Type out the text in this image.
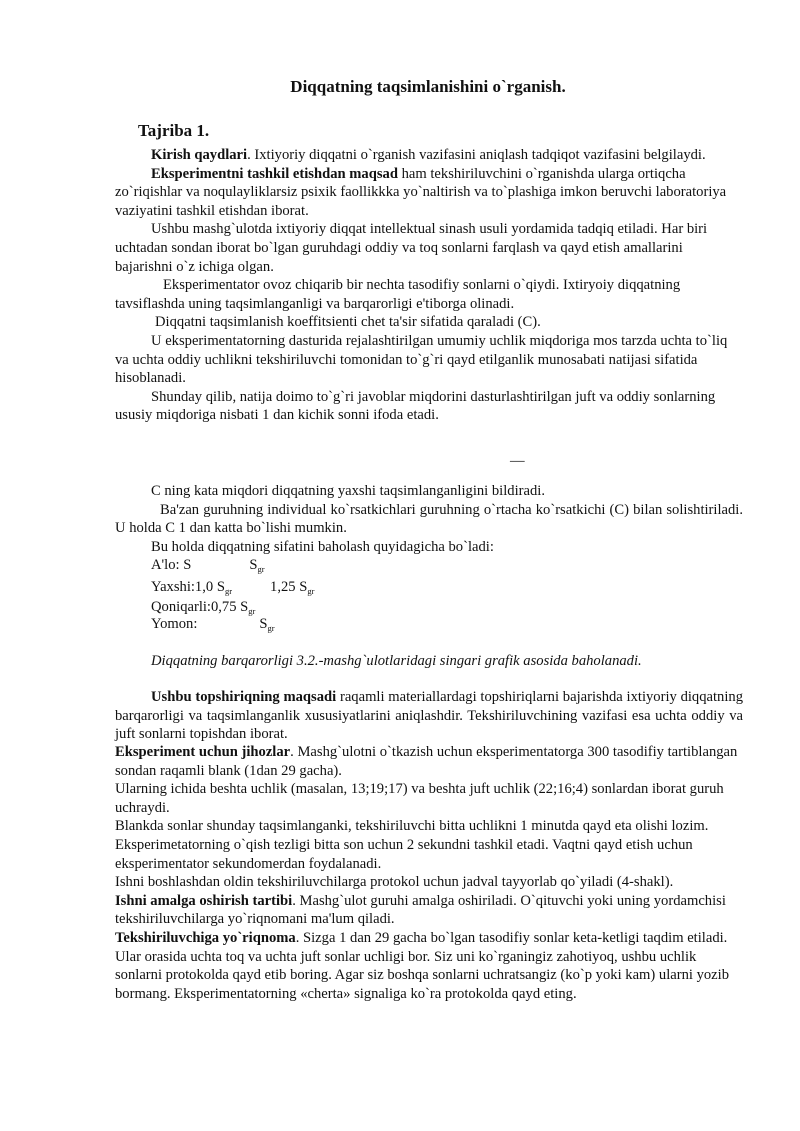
Diqqatning taqsimlanishini o`rganish.
Tajriba 1.

Kirish qaydlari. Ixtiyoriy diqqatni o`rganish vazifasini aniqlash tadqiqot vazifasini belgilaydi.

Eksperimentni tashkil etishdan maqsad ham tekshiriluvchini o`rganishda ularga ortiqcha zo`riqishlar va noqulayliklarsiz psixik faollikkka yo`naltirish va to`plashiga imkon beruvchi laboratoriya vaziyatini tashkil etishdan iborat.

Ushbu mashg`ulotda ixtiyoriy diqqat intellektual sinash usuli yordamida tadqiq etiladi. Har biri uchtadan sondan iborat bo`lgan guruhdagi oddiy va toq sonlarni farqlash va qayd etish amallarini bajarishni o`z ichiga olgan.

Eksperimentator ovoz chiqarib bir nechta tasodifiy sonlarni o`qiydi. Ixtiryoiy diqqatning tavsiflashda uning taqsimlanganligi va barqarorligi e'tiborga olinadi.

Diqqatni taqsimlanish koeffitsienti chet ta'sir sifatida qaraladi (C).

U eksperimentatorning dasturida rejalashtirilgan umumiy uchlik miqdoriga mos tarzda uchta to`liq va uchta oddiy uchlikni tekshiriluvchi tomonidan to`g`ri qayd etilganlik munosabati natijasi sifatida hisoblanadi.

Shunday qilib, natija doimo to`g`ri javoblar miqdorini dasturlashtirilgan juft va oddiy sonlarning ususiy miqdoriga nisbati 1 dan kichik sonni ifoda etadi.

—

C ning kata miqdori diqqatning yaxshi taqsimlanganligini bildiradi.

Ba'zan guruhning individual ko`rsatkichlari guruhning o`rtacha ko`rsatkichi (C) bilan solishtiriladi. U holda C 1 dan katta bo`lishi mumkin.

Bu holda diqqatning sifatini baholash quyidagicha bo`ladi:

A'lo: S	$S_{gr}$
Yaxshi:1,0 $S_{gr}$	1,25 $S_{gr}$
Qoniqarli:0,75 $S_{gr}$
Yomon:	$S_{gr}$
Diqqatning barqarorligi 3.2.-mashg`ulotlaridagi singari grafik asosida baholanadi.

Ushbu topshiriqning maqsadi raqamli materiallardagi topshiriqlarni bajarishda ixtiyoriy diqqatning barqarorligi va taqsimlanganlik xususiyatlarini aniqlashdir. Tekshiriluvchining vazifasi esa uchta oddiy va juft sonlarni topishdan iborat.

Eksperiment uchun jihozlar. Mashg`ulotni o`tkazish uchun eksperimentatorga 300 tasodifiy tartiblangan sondan raqamli blank (1dan 29 gacha).

Ularning ichida beshta uchlik (masalan, 13;19;17) va beshta juft uchlik (22;16;4) sonlardan iborat guruh uchraydi.

Blankda sonlar shunday taqsimlanganki, tekshiriluvchi bitta uchlikni 1 minutda qayd eta olishi lozim. Eksperimetatorning o`qish tezligi bitta son uchun 2 sekundni tashkil etadi. Vaqtni qayd etish uchun eksperimentator sekundomerdan foydalanadi.

Ishni boshlashdan oldin tekshiriluvchilarga protokol uchun jadval tayyorlab qo`yiladi (4-shakl).

Ishni amalga oshirish tartibi. Mashg`ulot guruhi amalga oshiriladi. O`qituvchi yoki uning yordamchisi tekshiriluvchilarga yo`riqnomani ma'lum qiladi.

Tekshiriluvchiga yo`riqnoma. Sizga 1 dan 29 gacha bo`lgan tasodifiy sonlar keta-ketligi taqdim etiladi. Ular orasida uchta toq va uchta juft sonlar uchligi bor. Siz uni ko`rganingiz zahotiyoq, ushbu uchlik sonlarni protokolda qayd etib boring. Agar siz boshqa sonlarni uchratsangiz (ko`p yoki kam) ularni yozib bormang. Eksperimentatorning «cherta» signaliga ko`ra protokolda qayd eting.
